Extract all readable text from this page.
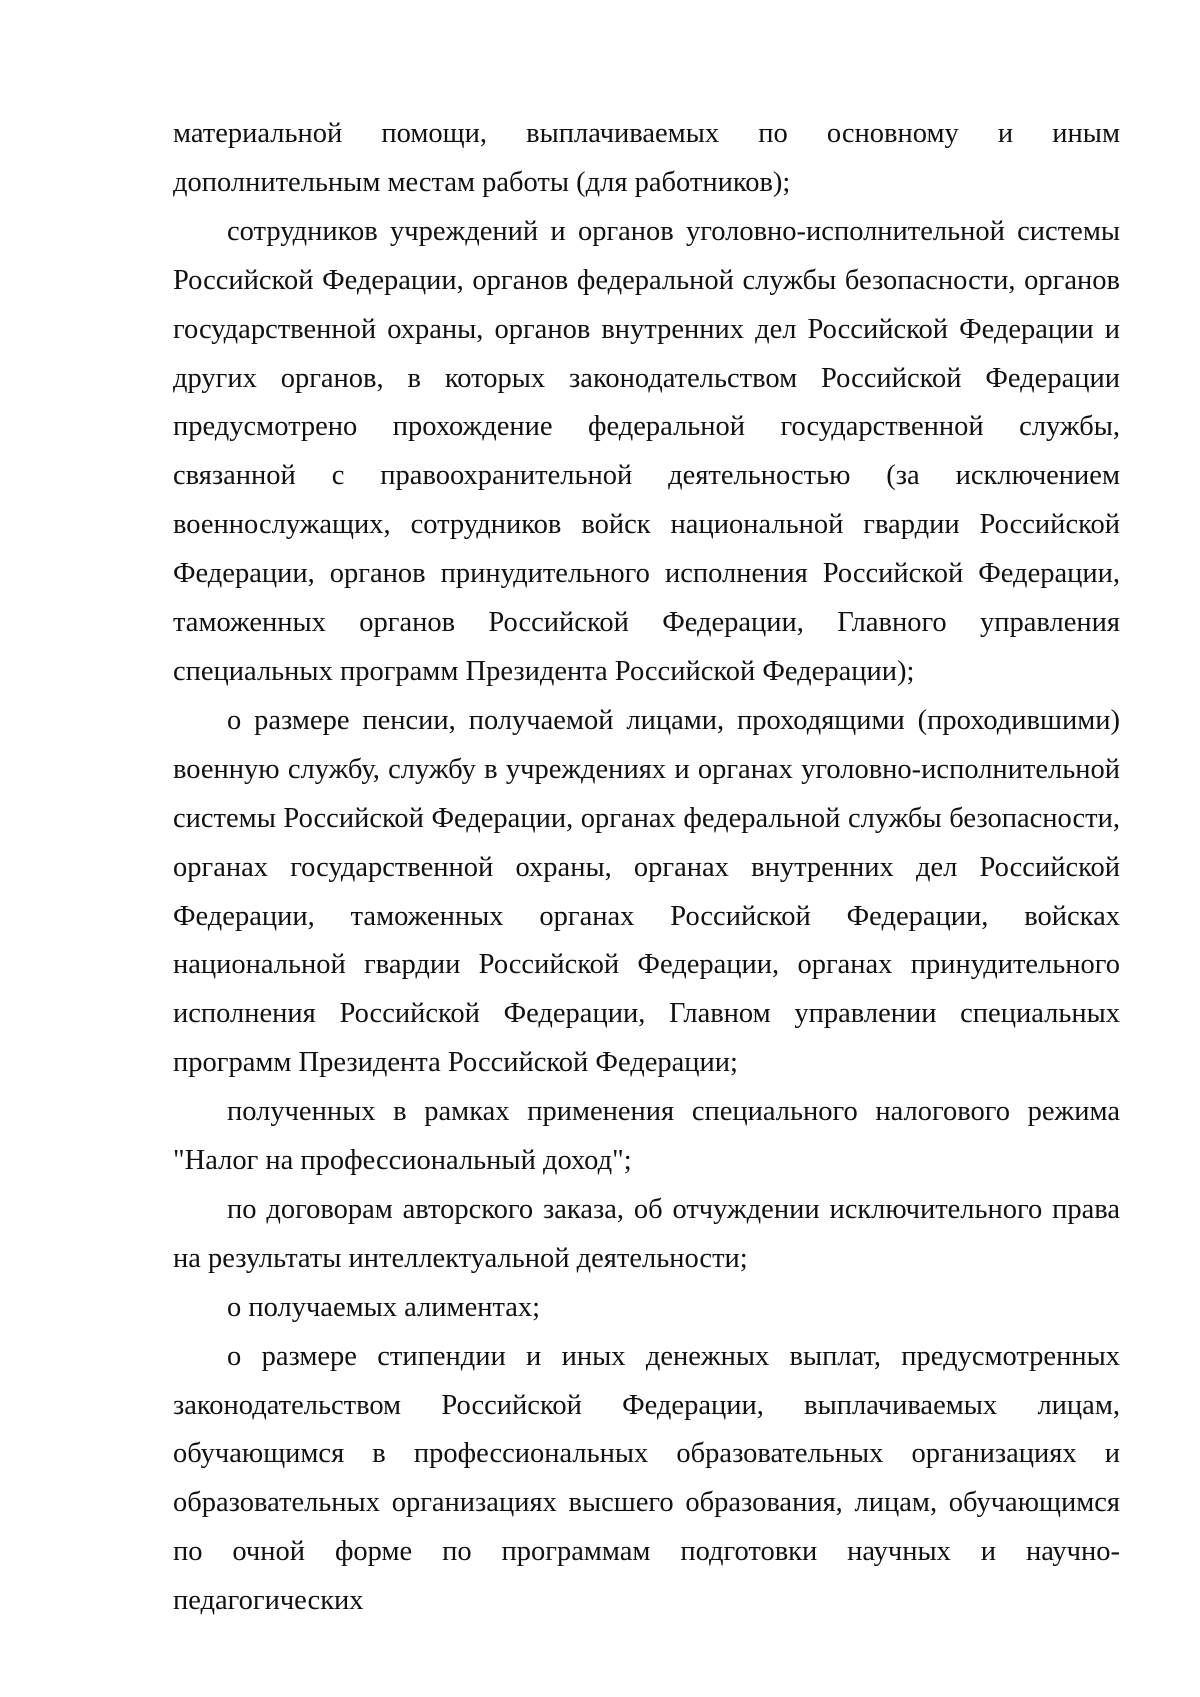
материальной помощи, выплачиваемых по основному и иным дополнительным местам работы (для работников);

сотрудников учреждений и органов уголовно-исполнительной системы Российской Федерации, органов федеральной службы безопасности, органов государственной охраны, органов внутренних дел Российской Федерации и других органов, в которых законодательством Российской Федерации предусмотрено прохождение федеральной государственной службы, связанной с правоохранительной деятельностью (за исключением военнослужащих, сотрудников войск национальной гвардии Российской Федерации, органов принудительного исполнения Российской Федерации, таможенных органов Российской Федерации, Главного управления специальных программ Президента Российской Федерации);

о размере пенсии, получаемой лицами, проходящими (проходившими) военную службу, службу в учреждениях и органах уголовно-исполнительной системы Российской Федерации, органах федеральной службы безопасности, органах государственной охраны, органах внутренних дел Российской Федерации, таможенных органах Российской Федерации, войсках национальной гвардии Российской Федерации, органах принудительного исполнения Российской Федерации, Главном управлении специальных программ Президента Российской Федерации;

полученных в рамках применения специального налогового режима "Налог на профессиональный доход";

по договорам авторского заказа, об отчуждении исключительного права на результаты интеллектуальной деятельности;

о получаемых алиментах;

о размере стипендии и иных денежных выплат, предусмотренных законодательством Российской Федерации, выплачиваемых лицам, обучающимся в профессиональных образовательных организациях и образовательных организациях высшего образования, лицам, обучающимся по очной форме по программам подготовки научных и научно-педагогических
